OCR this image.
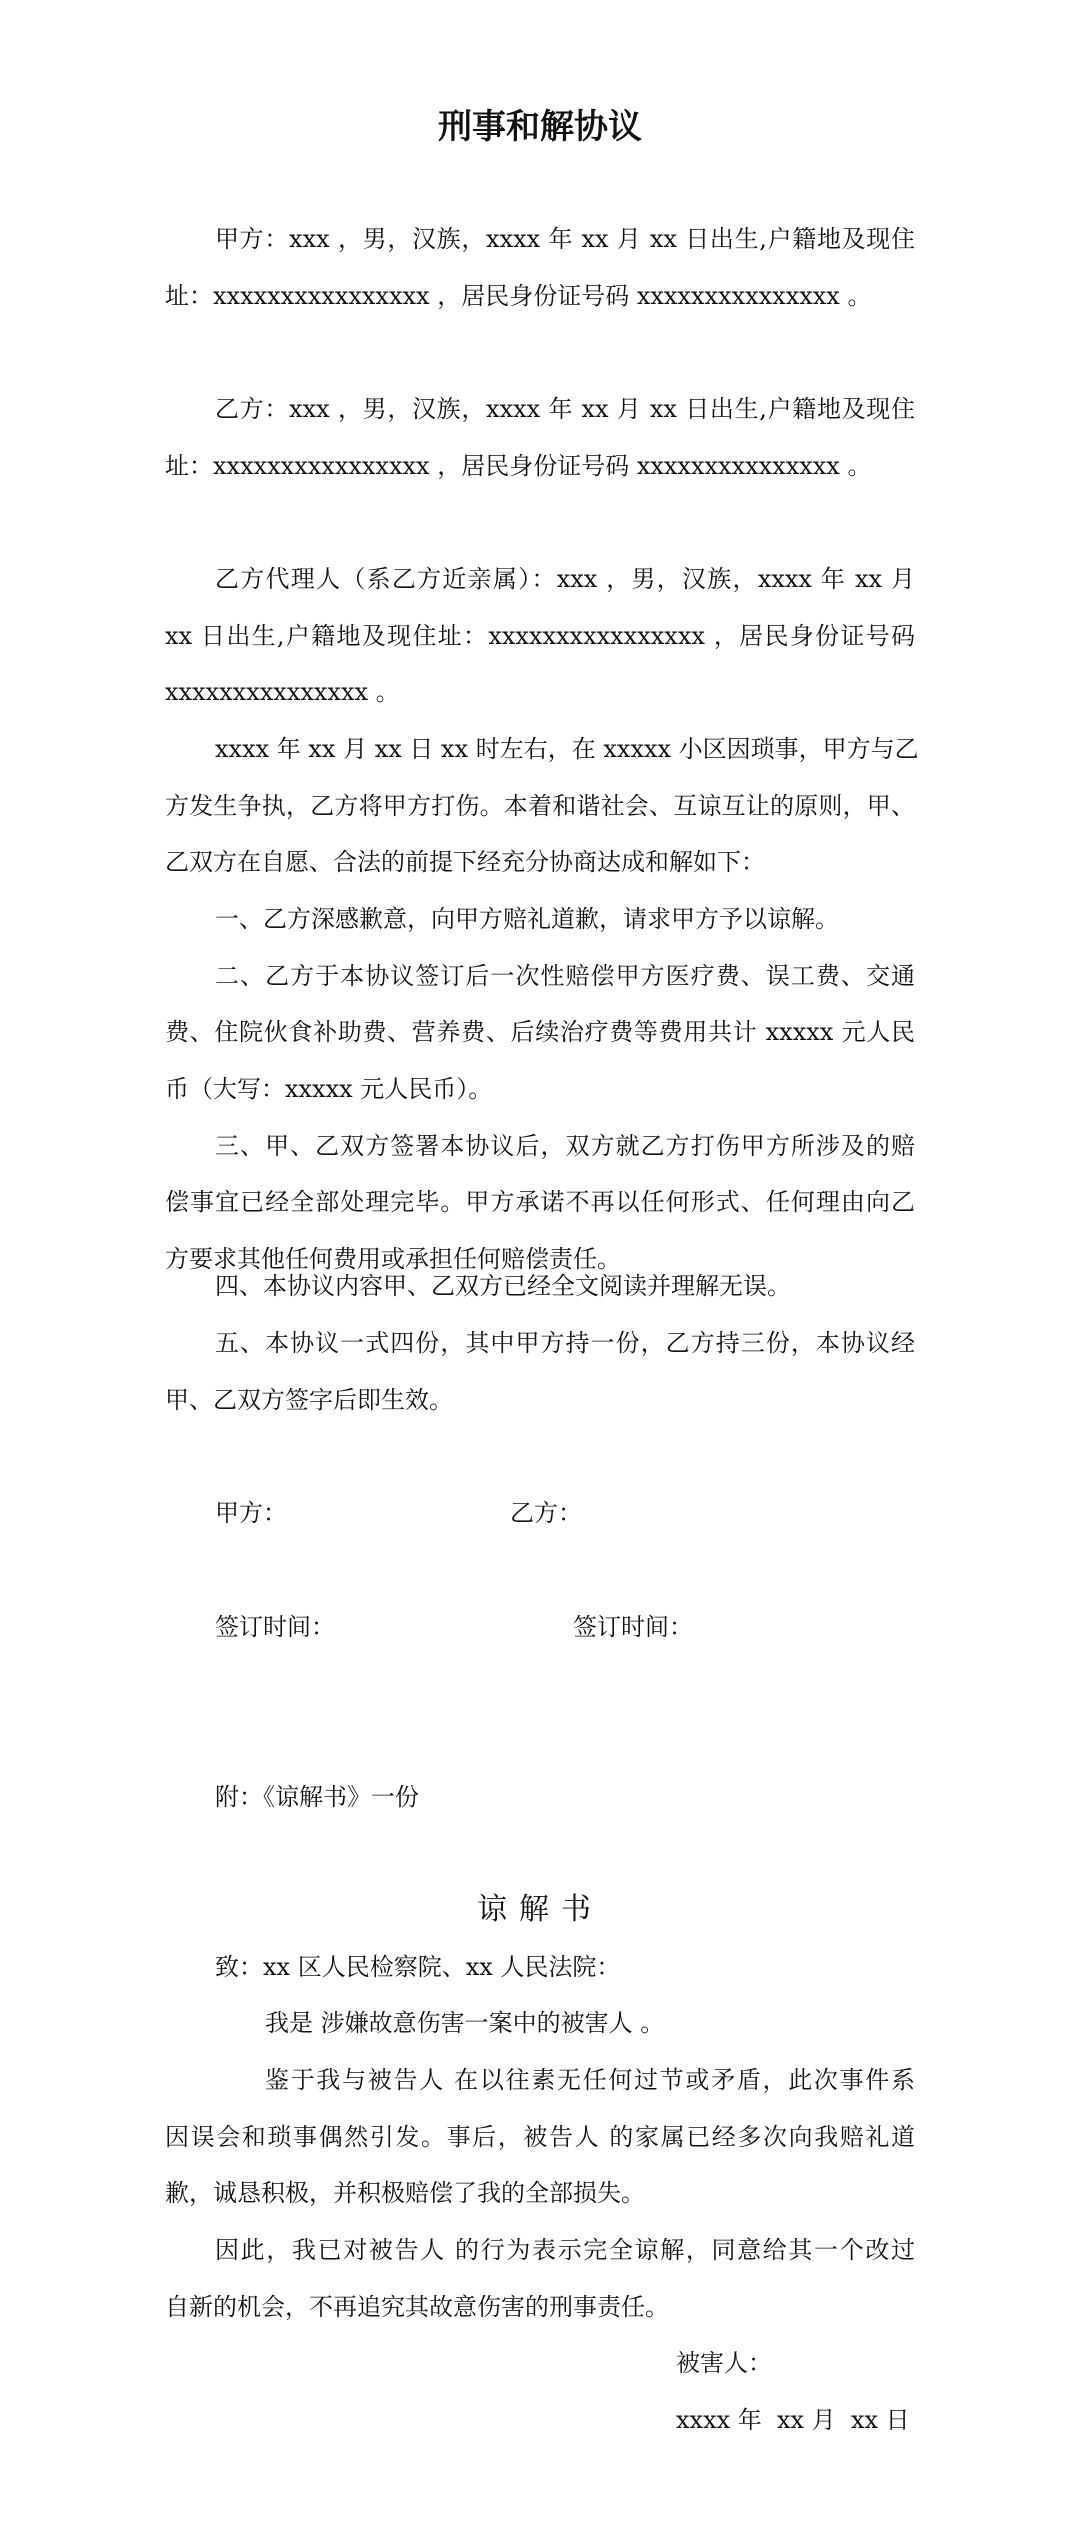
刑事和解协议
甲方：xxx ，男，汉族，xxxx 年 xx 月 xx 日出生,户籍地及现住
址：xxxxxxxxxxxxxxxx ，居民身份证号码 xxxxxxxxxxxxxxx 。
乙方：xxx ，男，汉族，xxxx 年 xx 月 xx 日出生,户籍地及现住
址：xxxxxxxxxxxxxxxx ，居民身份证号码 xxxxxxxxxxxxxxx 。
乙方代理人（系乙方近亲属）：xxx ，男，汉族，xxxx 年 xx 月
xx 日出生,户籍地及现住址：xxxxxxxxxxxxxxxx ，居民身份证号码
xxxxxxxxxxxxxxx 。
xxxx 年 xx 月 xx 日 xx 时左右，在 xxxxx 小区因琐事，甲方与乙
方发生争执，乙方将甲方打伤。本着和谐社会、互谅互让的原则，甲、
乙双方在自愿、合法的前提下经充分协商达成和解如下：
一、乙方深感歉意，向甲方赔礼道歉，请求甲方予以谅解。
二、乙方于本协议签订后一次性赔偿甲方医疗费、误工费、交通
费、住院伙食补助费、营养费、后续治疗费等费用共计 xxxxx 元人民
币（大写：xxxxx 元人民币）。
三、甲、乙双方签署本协议后，双方就乙方打伤甲方所涉及的赔
偿事宜已经全部处理完毕。甲方承诺不再以任何形式、任何理由向乙
方要求其他任何费用或承担任何赔偿责任。
四、本协议内容甲、乙双方已经全文阅读并理解无误。
五、本协议一式四份，其中甲方持一份，乙方持三份，本协议经
甲、乙双方签字后即生效。
甲方：	乙方：
签订时间：	签订时间：
附：《谅解书》一份
谅解书
致：xx 区人民检察院、xx 人民法院：
我是 涉嫌故意伤害一案中的被害人 。
鉴于我与被告人 在以往素无任何过节或矛盾，此次事件系
因误会和琐事偶然引发。事后，被告人 的家属已经多次向我赔礼道
歉，诚恳积极，并积极赔偿了我的全部损失。
因此，我已对被告人 的行为表示完全谅解，同意给其一个改过
自新的机会，不再追究其故意伤害的刑事责任。
被害人：
xxxx 年  xx 月  xx 日
